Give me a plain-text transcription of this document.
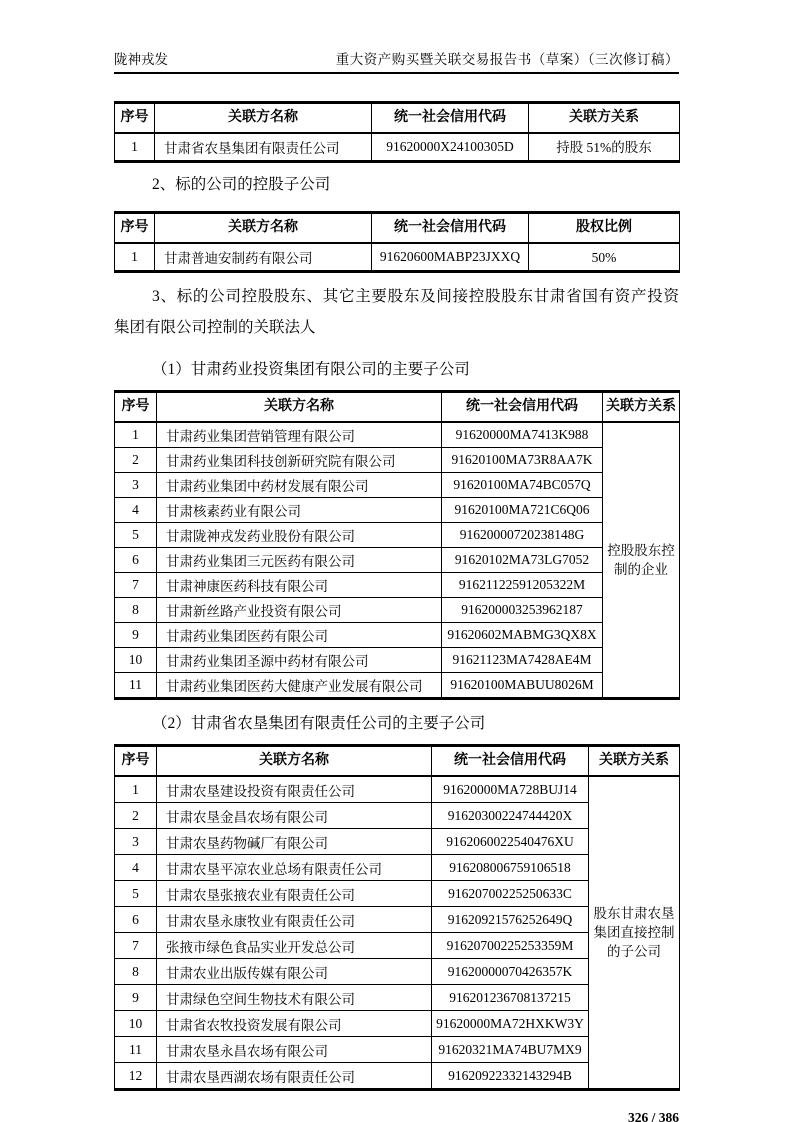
陇神戎发	重大资产购买暨关联交易报告书（草案）（三次修订稿）
序号	关联方名称	统一社会信用代码	关联方关系
1	甘肃省农垦集团有限责任公司	91620000X24100305D	持股 51%的股东

2、标的公司的控股子公司

序号	关联方名称	统一社会信用代码	股权比例
1	甘肃普迪安制药有限公司	91620600MABP23JXXQ	50%

3、标的公司控股股东、其它主要股东及间接控股股东甘肃省国有资产投资
集团有限公司控制的关联法人

（1）甘肃药业投资集团有限公司的主要子公司

序号	关联方名称	统一社会信用代码	关联方关系
1	甘肃药业集团营销管理有限公司	91620000MA7413K988	控股股东控制的企业
2	甘肃药业集团科技创新研究院有限公司	91620100MA73R8AA7K	
3	甘肃药业集团中药材发展有限公司	91620100MA74BC057Q	
4	甘肃核素药业有限公司	91620100MA721C6Q06	
5	甘肃陇神戎发药业股份有限公司	91620000720238148G	
6	甘肃药业集团三元医药有限公司	91620102MA73LG7052	
7	甘肃神康医药科技有限公司	91621122591205322M	
8	甘肃新丝路产业投资有限公司	916200003253962187	
9	甘肃药业集团医药有限公司	91620602MABMG3QX8X	
10	甘肃药业集团圣源中药材有限公司	91621123MA7428AE4M	
11	甘肃药业集团医药大健康产业发展有限公司	91620100MABUU8026M	

（2）甘肃省农垦集团有限责任公司的主要子公司

序号	关联方名称	统一社会信用代码	关联方关系
1	甘肃农垦建设投资有限责任公司	91620000MA728BUJ14	股东甘肃农垦集团直接控制的子公司
2	甘肃农垦金昌农场有限公司	91620300224744420X	
3	甘肃农垦药物碱厂有限公司	9162060022540476XU	
4	甘肃农垦平凉农业总场有限责任公司	916208006759106518	
5	甘肃农垦张掖农业有限责任公司	91620700225250633C	
6	甘肃农垦永康牧业有限责任公司	91620921576252649Q	
7	张掖市绿色食品实业开发总公司	91620700225253359M	
8	甘肃农业出版传媒有限公司	91620000070426357K	
9	甘肃绿色空间生物技术有限公司	916201236708137215	
10	甘肃省农牧投资发展有限公司	91620000MA72HXKW3Y	
11	甘肃农垦永昌农场有限公司	91620321MA74BU7MX9	
12	甘肃农垦西湖农场有限责任公司	91620922332143294B	
326 / 386
